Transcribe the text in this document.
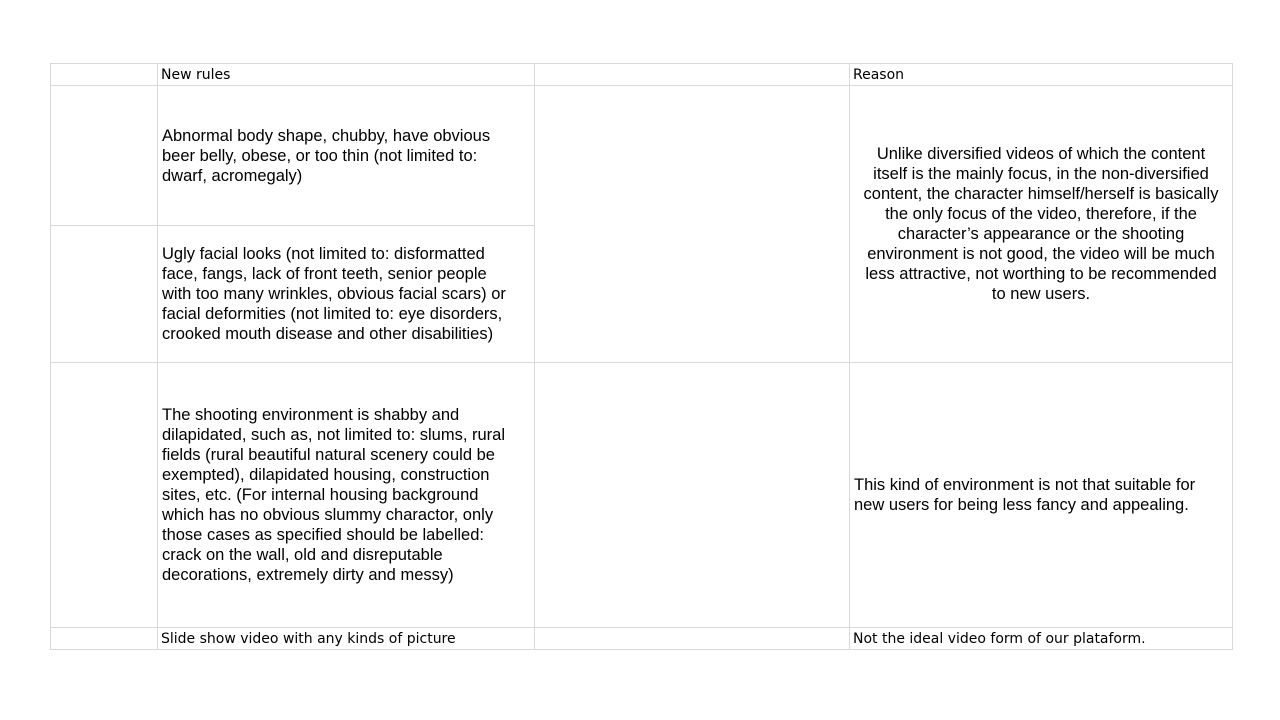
New rules	Reason
Abnormal body shape, chubby, have obvious
beer belly, obese, or too thin (not limited to:
dwarf, acromegaly)
Unlike diversified videos of which the content
itself is the mainly focus, in the non-diversified
content, the character himself/herself is basically
the only focus of the video, therefore, if the
character’s appearance or the shooting
environment is not good, the video will be much
less attractive, not worthing to be recommended
to new users.
Ugly facial looks (not limited to: disformatted
face, fangs, lack of front teeth, senior people
with too many wrinkles, obvious facial scars) or
facial deformities (not limited to: eye disorders,
crooked mouth disease and other disabilities)
The shooting environment is shabby and
dilapidated, such as, not limited to: slums, rural
fields (rural beautiful natural scenery could be
exempted), dilapidated housing, construction
sites, etc. (For internal housing background
which has no obvious slummy charactor, only
those cases as specified should be labelled:
crack on the wall, old and disreputable
decorations, extremely dirty and messy)
This kind of environment is not that suitable for
new users for being less fancy and appealing.
Slide show video with any kinds of picture	Not the ideal video form of our plataform.
